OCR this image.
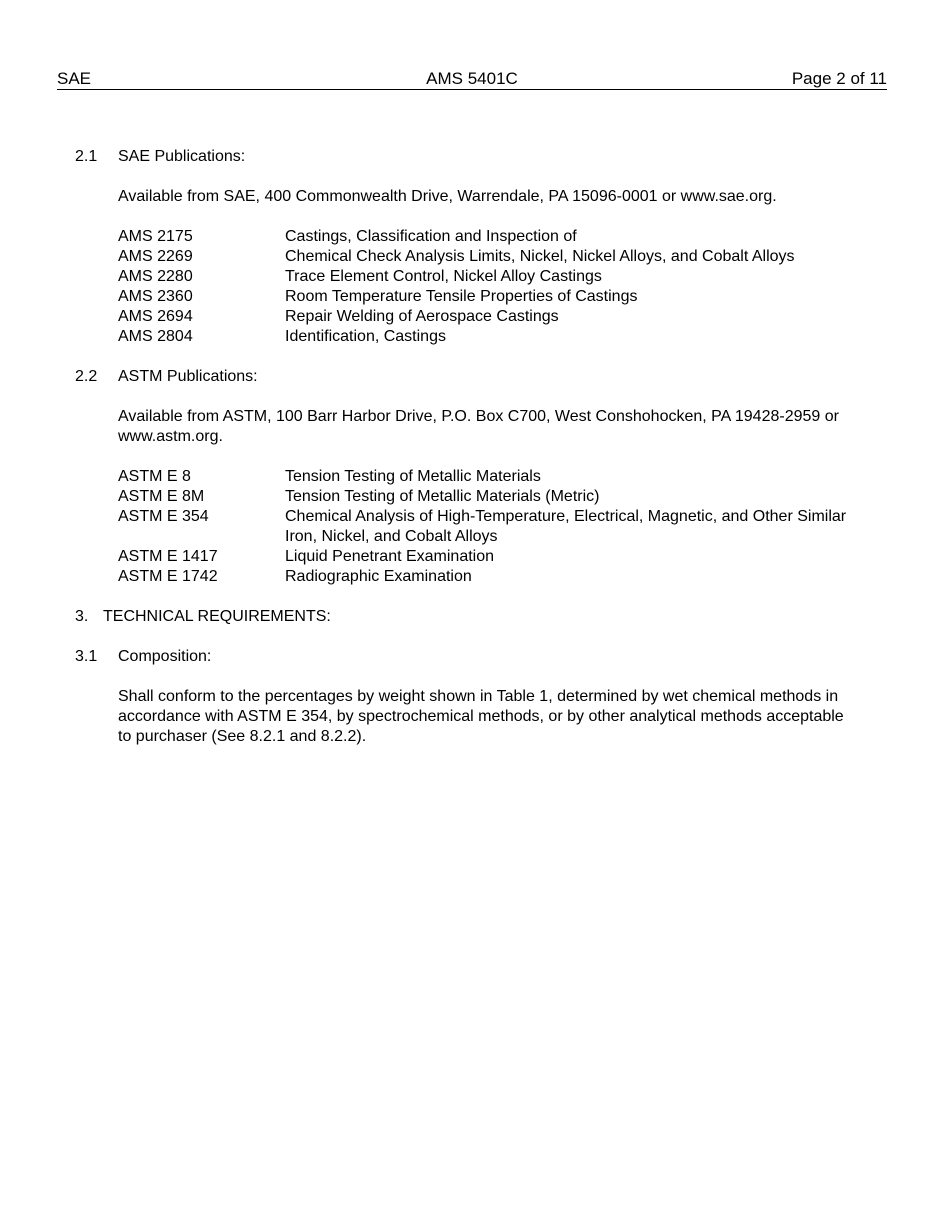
SAE	AMS 5401C	Page 2 of 11
2.1	SAE Publications:
Available from SAE, 400 Commonwealth Drive, Warrendale, PA 15096-0001 or www.sae.org.
AMS 2175	Castings, Classification and Inspection of
AMS 2269	Chemical Check Analysis Limits, Nickel, Nickel Alloys, and Cobalt Alloys
AMS 2280	Trace Element Control, Nickel Alloy Castings
AMS 2360	Room Temperature Tensile Properties of Castings
AMS 2694	Repair Welding of Aerospace Castings
AMS 2804	Identification, Castings
2.2	ASTM Publications:
Available from ASTM, 100 Barr Harbor Drive, P.O. Box C700, West Conshohocken, PA 19428-2959 or www.astm.org.
ASTM E 8	Tension Testing of Metallic Materials
ASTM E 8M	Tension Testing of Metallic Materials (Metric)
ASTM E 354	Chemical Analysis of High-Temperature, Electrical, Magnetic, and Other Similar Iron, Nickel, and Cobalt Alloys
ASTM E 1417	Liquid Penetrant Examination
ASTM E 1742	Radiographic Examination
3. TECHNICAL REQUIREMENTS:
3.1	Composition:
Shall conform to the percentages by weight shown in Table 1, determined by wet chemical methods in accordance with ASTM E 354, by spectrochemical methods, or by other analytical methods acceptable to purchaser (See 8.2.1 and 8.2.2).
